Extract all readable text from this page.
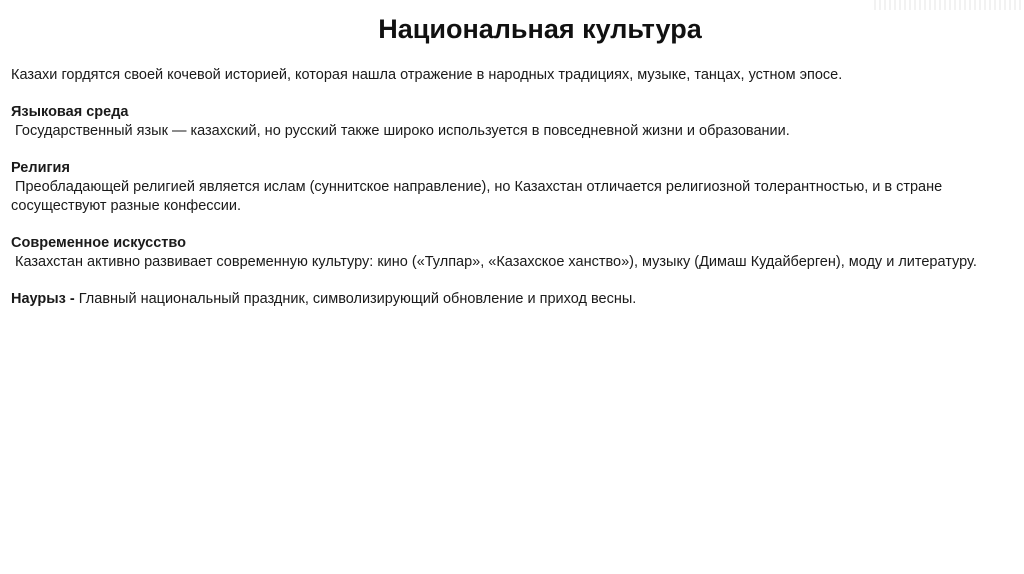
Национальная культура

Казахи гордятся своей кочевой историей, которая нашла отражение в народных традициях, музыке, танцах, устном эпосе.

Языковая среда
Государственный язык — казахский, но русский также широко используется в повседневной жизни и образовании.
Религия
Преобладающей религией является ислам (суннитское направление), но Казахстан отличается религиозной толерантностью, и в стране сосуществуют разные конфессии.
Современное искусство
Казахстан активно развивает современную культуру: кино («Тулпар», «Казахское ханство»), музыку (Димаш Кудайберген), моду и литературу.
Наурыз - Главный национальный праздник, символизирующий обновление и приход весны.
